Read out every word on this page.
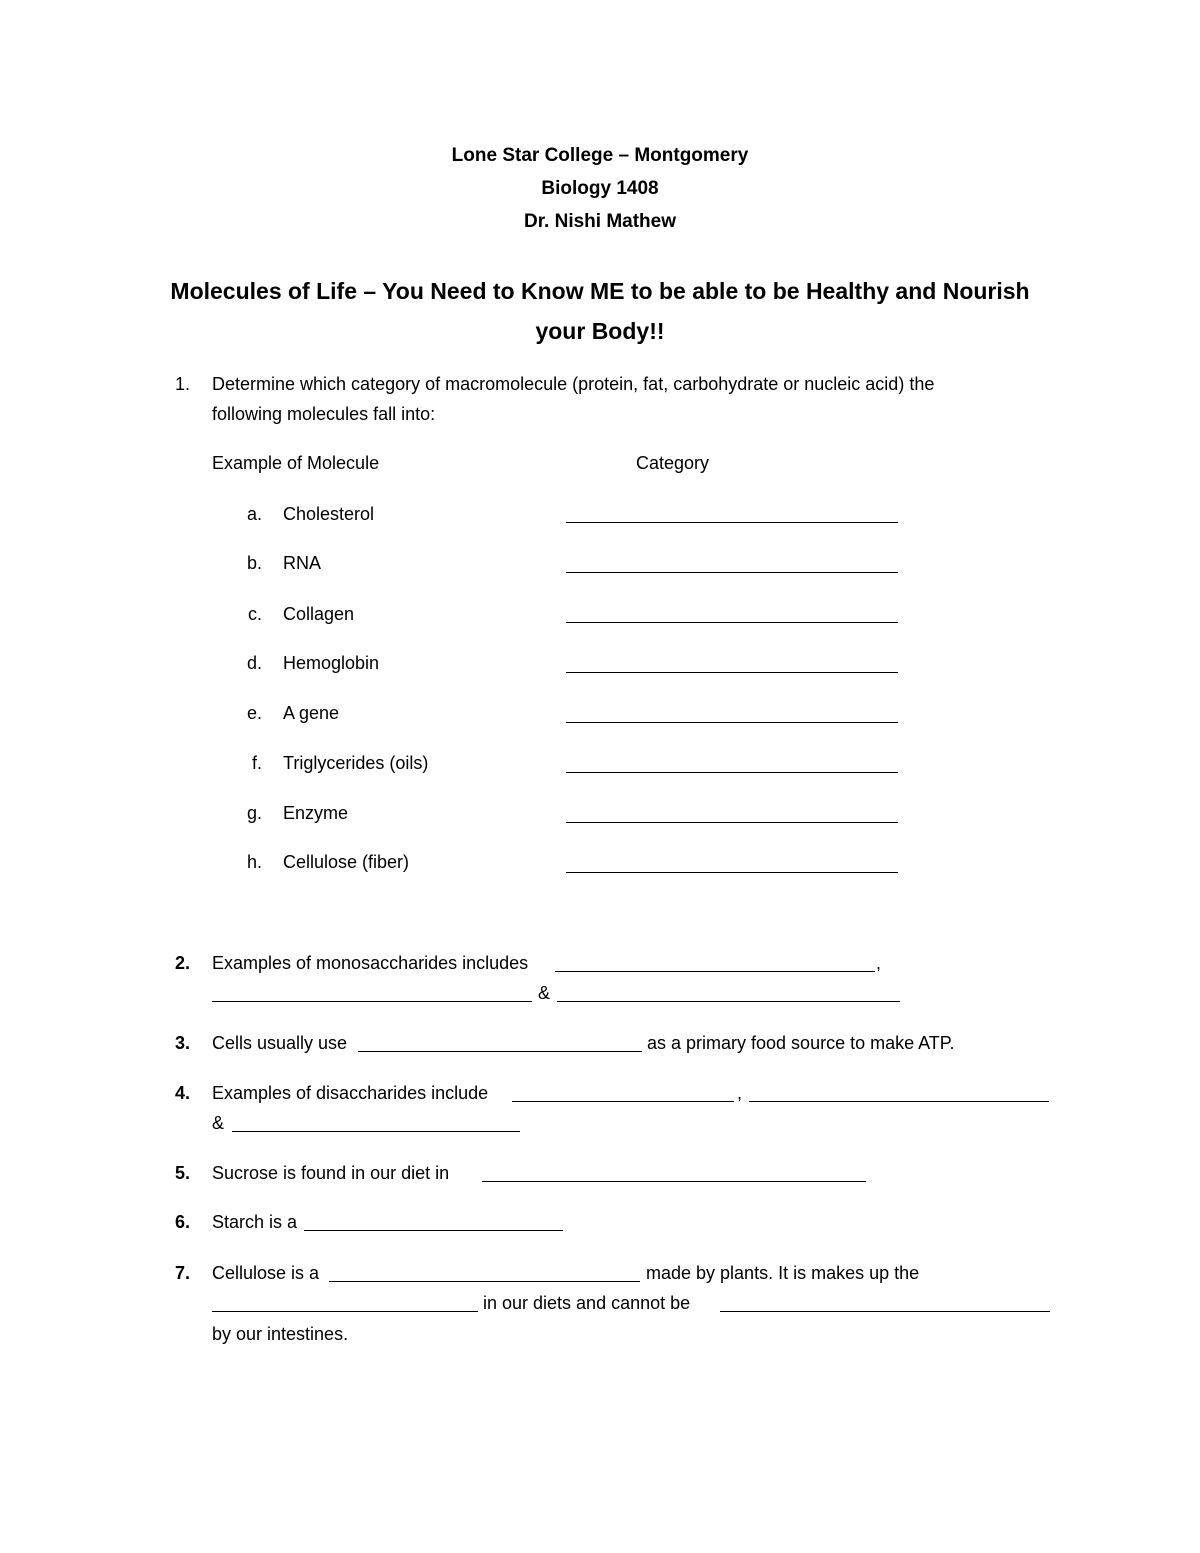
Lone Star College – Montgomery
Biology 1408
Dr. Nishi Mathew
Molecules of Life – You Need to Know ME to be able to be Healthy and Nourish
your Body!!
1. Determine which category of macromolecule (protein, fat, carbohydrate or nucleic acid) the
following molecules fall into:
Example of Molecule	Category
a. Cholesterol
b. RNA
c. Collagen
d. Hemoglobin
e. A gene
f. Triglycerides (oils)
g. Enzyme
h. Cellulose (fiber)
2. Examples of monosaccharides includes	,
&
3. Cells usually use	as a primary food source to make ATP.
4. Examples of disaccharides include	,
&
5. Sucrose is found in our diet in
6. Starch is a
7. Cellulose is a	made by plants. It is makes up the
in our diets and cannot be
by our intestines.
